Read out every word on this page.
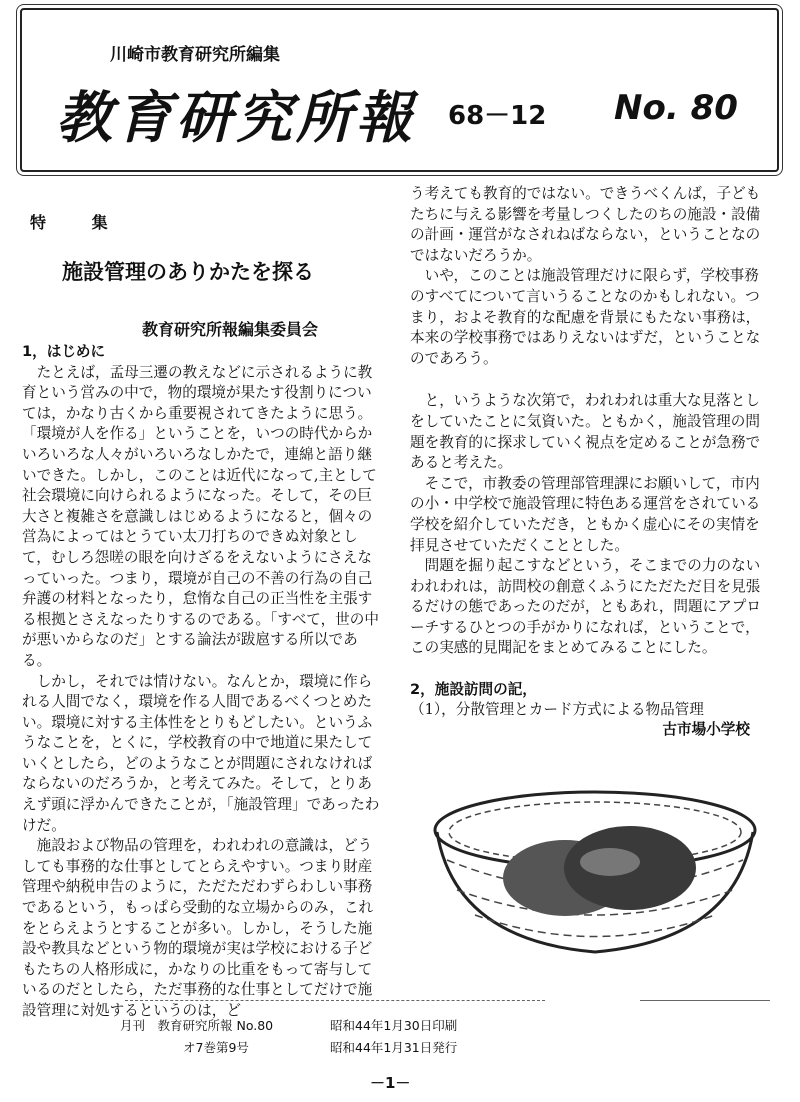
川崎市教育研究所編集
教育研究所報 68－12 No. 80
特	集
施設管理のありかたを探る
教育研究所報編集委員会
1，はじめに

たとえば，孟母三遷の教えなどに示されるように教育という営みの中で，物的環境が果たす役割りについては，かなり古くから重要視されてきたように思う。「環境が人を作る」ということを，いつの時代からかいろいろな人々がいろいろなしかたで，連綿と語り継いできた。しかし，このことは近代になって,主として社会環境に向けられるようになった。そして，その巨大さと複雑さを意識しはじめるようになると，個々の営為によってはとうてい太刀打ちのできぬ対象として，むしろ怨嗟の眼を向けざるをえないようにさえなっていった。つまり，環境が自己の不善の行為の自己弁護の材料となったり，怠惰な自己の正当性を主張する根拠とさえなったりするのである。「すべて，世の中が悪いからなのだ」とする論法が跋扈する所以である。

しかし，それでは情けない。なんとか，環境に作られる人間でなく，環境を作る人間であるべくつとめたい。環境に対する主体性をとりもどしたい。というふうなことを，とくに，学校教育の中で地道に果たしていくとしたら，どのようなことが問題にされなければならないのだろうか，と考えてみた。そして，とりあえず頭に浮かんできたことが，「施設管理」であったわけだ。

施設および物品の管理を，われわれの意識は，どうしても事務的な仕事としてとらえやすい。つまり財産管理や納税申告のように，ただただわずらわしい事務であるという，もっぱら受動的な立場からのみ，これをとらえようとすることが多い。しかし，そうした施設や教具などという物的環境が実は学校における子どもたちの人格形成に，かなりの比重をもって寄与しているのだとしたら，ただ事務的な仕事としてだけで施設管理に対処するというのは，ど

う考えても教育的ではない。できうべくんば，子どもたちに与える影響を考量しつくしたのちの施設・設備の計画・運営がなされねばならない，ということなのではないだろうか。

いや，このことは施設管理だけに限らず，学校事務のすべてについて言いうることなのかもしれない。つまり，およそ教育的な配慮を背景にもたない事務は，本来の学校事務ではありえないはずだ，ということなのであろう。

と，いうような次第で，われわれは重大な見落としをしていたことに気資いた。ともかく，施設管理の問題を教育的に探求していく視点を定めることが急務であると考えた。

そこで，市教委の管理部管理課にお願いして，市内の小・中学校で施設管理に特色ある運営をされている学校を紹介していただき，ともかく虚心にその実情を拝見させていただくこととした。

問題を掘り起こすなどという，そこまでの力のないわれわれは，訪問校の創意くふうにただただ目を見張るだけの態であったのだが，ともあれ，問題にアプローチするひとつの手がかりになれば，ということで，この実感的見聞記をまとめてみることにした。

2，施設訪問の記，
（1），分散管理とカード方式による物品管理
古市場小学校
月刊　教育研究所報 No.80	昭和44年1月30日印刷
オ7巻第9号	昭和44年1月31日発行
－1－
